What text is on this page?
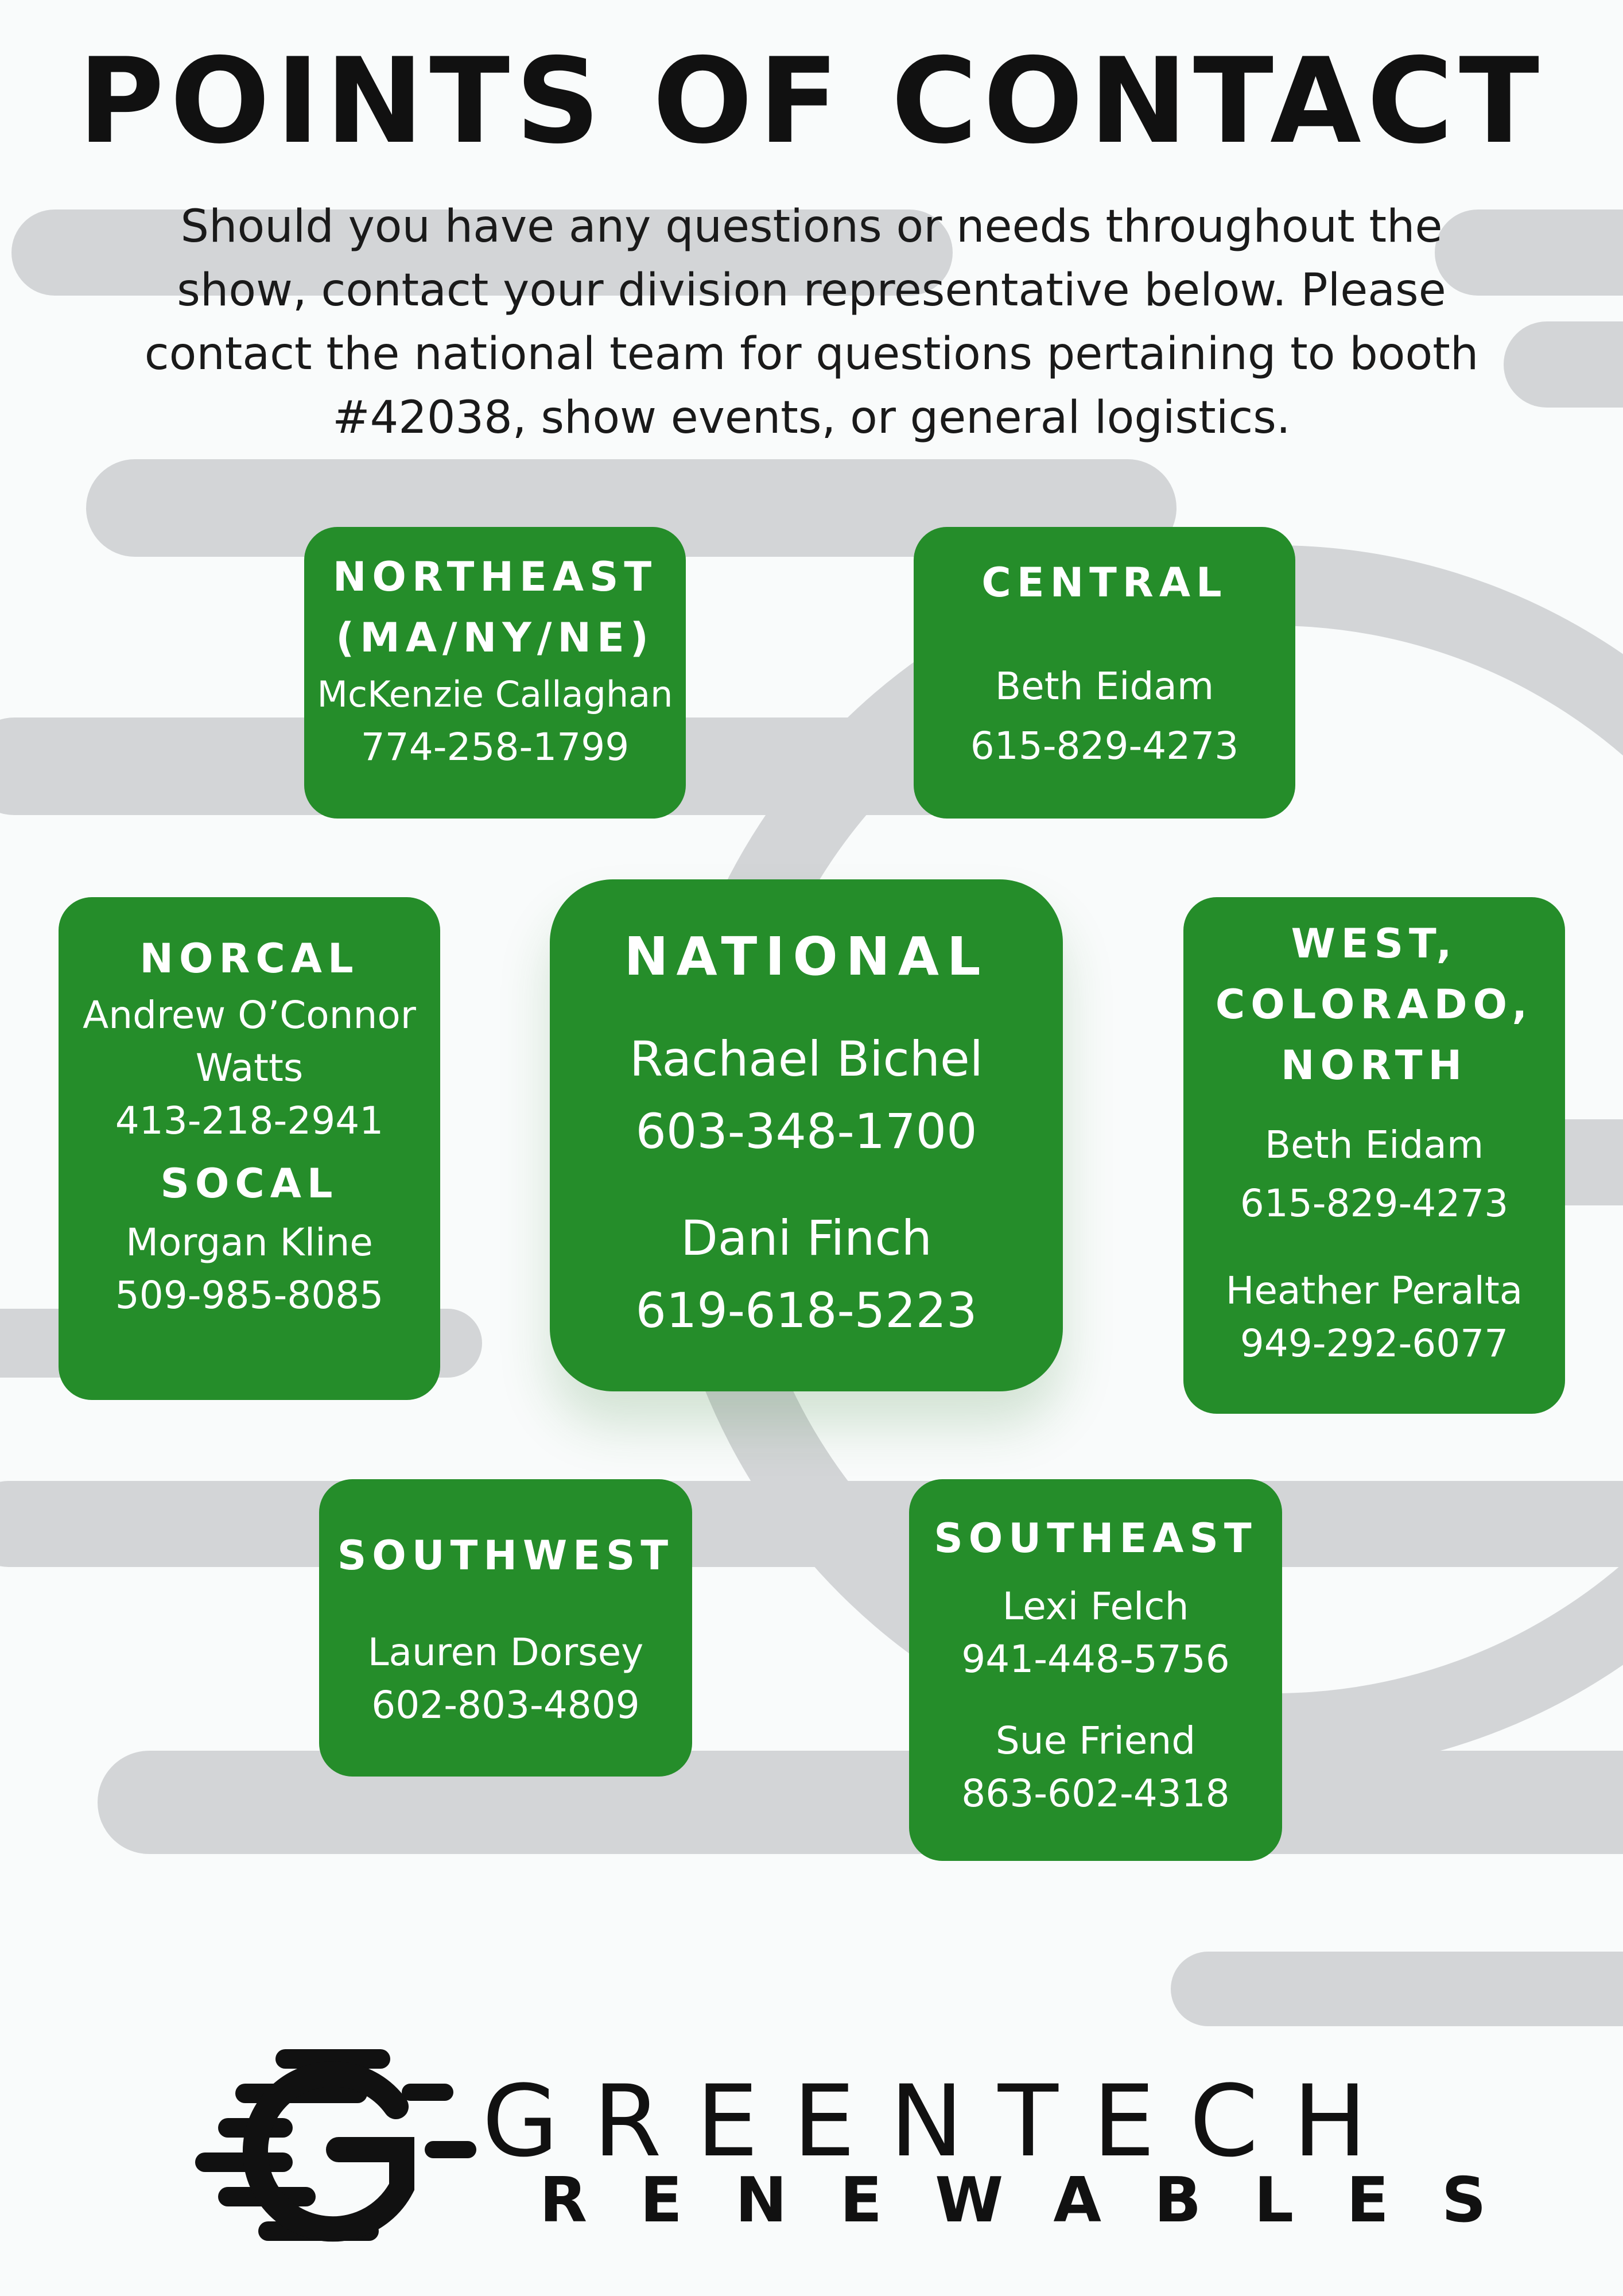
POINTS OF CONTACT
Should you have any questions or needs throughout the show, contact your division representative below. Please contact the national team for questions pertaining to booth #42038, show events, or general logistics.
NORTHEAST
(MA/NY/NE)
McKenzie Callaghan
774-258-1799
CENTRAL
Beth Eidam
615-829-4273
NORCAL
Andrew O’Connor
Watts
413-218-2941
SOCAL
Morgan Kline
509-985-8085
NATIONAL
Rachael Bichel
603-348-1700
Dani Finch
619-618-5223
WEST,
COLORADO,
NORTH
Beth Eidam
615-829-4273
Heather Peralta
949-292-6077
SOUTHWEST
Lauren Dorsey
602-803-4809
SOUTHEAST
Lexi Felch
941-448-5756
Sue Friend
863-602-4318
GREENTECH
RENEWABLES
